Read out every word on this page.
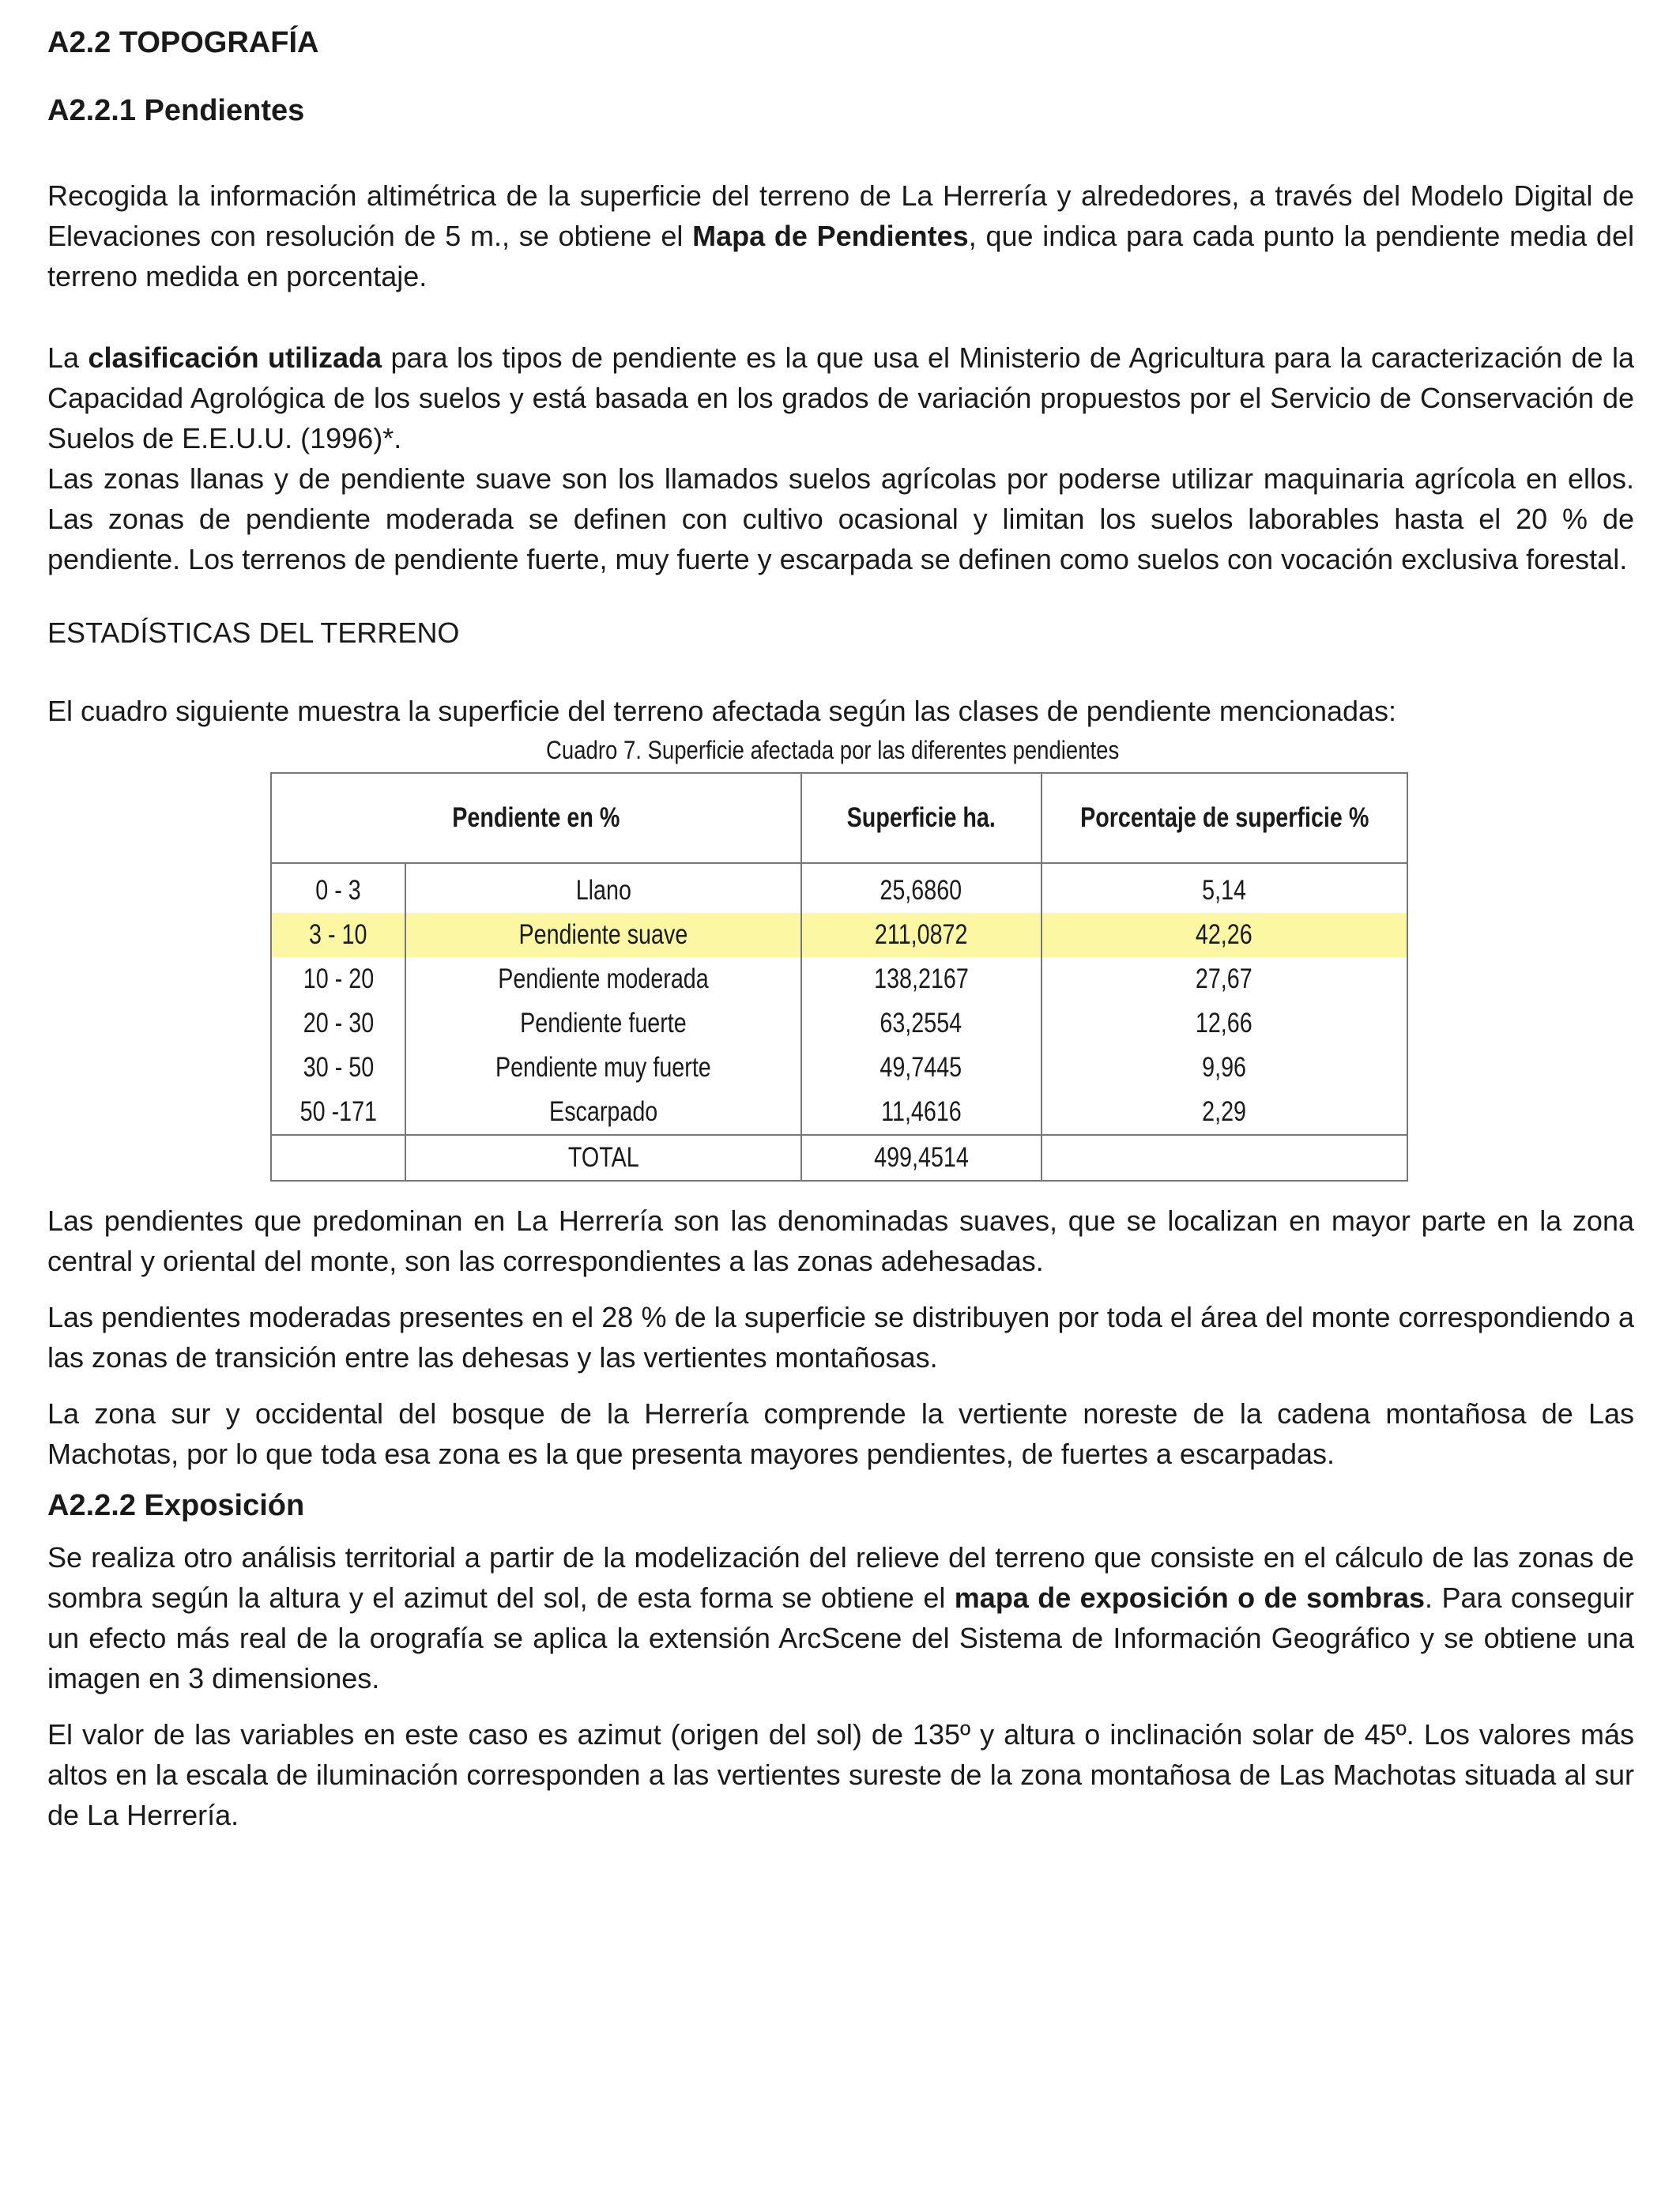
A2.2 TOPOGRAFÍA
A2.2.1 Pendientes

Recogida la información altimétrica de la superficie del terreno de La Herrería y alrededores, a través del Modelo Digital de Elevaciones con resolución de 5 m., se obtiene el Mapa de Pendientes, que indica para cada punto la pendiente media del terreno medida en porcentaje.

La clasificación utilizada para los tipos de pendiente es la que usa el Ministerio de Agricultura para la caracterización de la Capacidad Agrológica de los suelos y está basada en los grados de variación propuestos por el Servicio de Conservación de Suelos de E.E.U.U. (1996)*.

Las zonas llanas y de pendiente suave son los llamados suelos agrícolas por poderse utilizar maquinaria agrícola en ellos. Las zonas de pendiente moderada se definen con cultivo ocasional y limitan los suelos laborables hasta el 20 % de pendiente. Los terrenos de pendiente fuerte, muy fuerte y escarpada se definen como suelos con vocación exclusiva forestal.

ESTADÍSTICAS DEL TERRENO

El cuadro siguiente muestra la superficie del terreno afectada según las clases de pendiente mencionadas:

Cuadro 7. Superficie afectada por las diferentes pendientes
Pendiente en %		Superficie ha.	Porcentaje de superficie %
0 - 3	Llano	25,6860	5,14
3 - 10	Pendiente suave	211,0872	42,26
10 - 20	Pendiente moderada	138,2167	27,67
20 - 30	Pendiente fuerte	63,2554	12,66
30 - 50	Pendiente muy fuerte	49,7445	9,96
50 -171	Escarpado	11,4616	2,29
	TOTAL	499,4514	

Las pendientes que predominan en La Herrería son las denominadas suaves, que se localizan en mayor parte en la zona central y oriental del monte, son las correspondientes a las zonas adehesadas.

Las pendientes moderadas presentes en el 28 % de la superficie se distribuyen por toda el área del monte correspondiendo a las zonas de transición entre las dehesas y las vertientes montañosas.

La zona sur y occidental del bosque de la Herrería comprende la vertiente noreste de la cadena montañosa de Las Machotas, por lo que toda esa zona es la que presenta mayores pendientes, de fuertes a escarpadas.

A2.2.2 Exposición

Se realiza otro análisis territorial a partir de la modelización del relieve del terreno que consiste en el cálculo de las zonas de sombra según la altura y el azimut del sol, de esta forma se obtiene el mapa de exposición o de sombras. Para conseguir un efecto más real de la orografía se aplica la extensión ArcScene del Sistema de Información Geográfico y se obtiene una imagen en 3 dimensiones.

El valor de las variables en este caso es azimut (origen del sol) de 135º y altura o inclinación solar de 45º. Los valores más altos en la escala de iluminación corresponden a las vertientes sureste de la zona montañosa de Las Machotas situada al sur de La Herrería.
